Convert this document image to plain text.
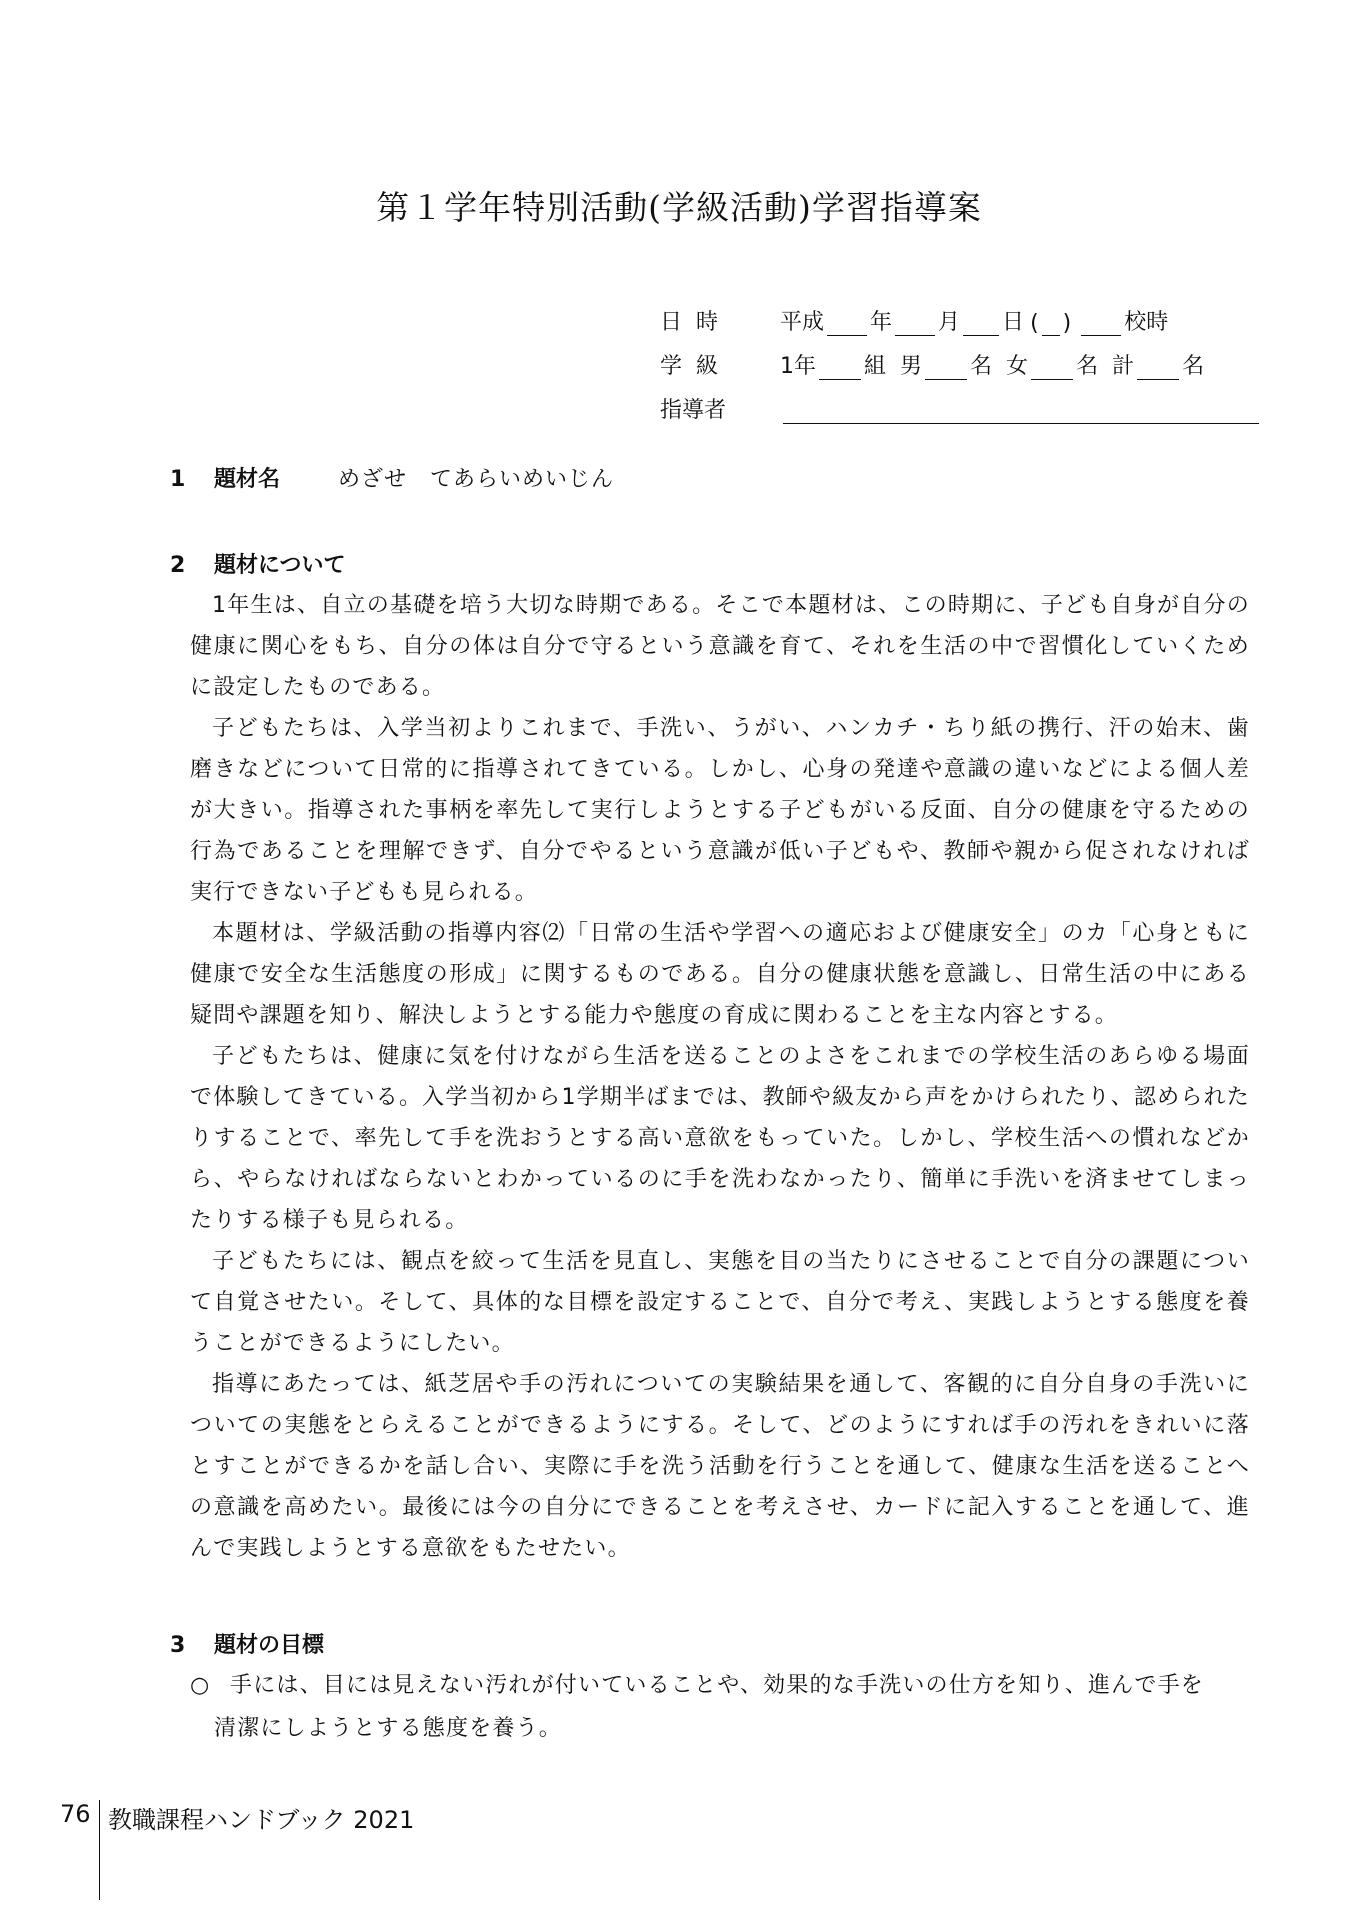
第１学年特別活動(学級活動)学習指導案
日時	平成 年 月 日 ( ) 校時
学級	1年 組 男 名 女 名 計 名
指導者
1 題材名	めざせ　てあらいめいじん
2 題材について

1年生は、自立の基礎を培う大切な時期である。そこで本題材は、この時期に、子ども自身が自分の健康に関心をもち、自分の体は自分で守るという意識を育て、それを生活の中で習慣化していくために設定したものである。

子どもたちは、入学当初よりこれまで、手洗い、うがい、ハンカチ・ちり紙の携行、汗の始末、歯磨きなどについて日常的に指導されてきている。しかし、心身の発達や意識の違いなどによる個人差が大きい。指導された事柄を率先して実行しようとする子どもがいる反面、自分の健康を守るための行為であることを理解できず、自分でやるという意識が低い子どもや、教師や親から促されなければ実行できない子どもも見られる。

本題材は、学級活動の指導内容⑵「日常の生活や学習への適応および健康安全」のカ「心身ともに健康で安全な生活態度の形成」に関するものである。自分の健康状態を意識し、日常生活の中にある疑問や課題を知り、解決しようとする能力や態度の育成に関わることを主な内容とする。

子どもたちは、健康に気を付けながら生活を送ることのよさをこれまでの学校生活のあらゆる場面で体験してきている。入学当初から1学期半ばまでは、教師や級友から声をかけられたり、認められたりすることで、率先して手を洗おうとする高い意欲をもっていた。しかし、学校生活への慣れなどから、やらなければならないとわかっているのに手を洗わなかったり、簡単に手洗いを済ませてしまったりする様子も見られる。

子どもたちには、観点を絞って生活を見直し、実態を目の当たりにさせることで自分の課題について自覚させたい。そして、具体的な目標を設定することで、自分で考え、実践しようとする態度を養うことができるようにしたい。

指導にあたっては、紙芝居や手の汚れについての実験結果を通して、客観的に自分自身の手洗いについての実態をとらえることができるようにする。そして、どのようにすれば手の汚れをきれいに落とすことができるかを話し合い、実際に手を洗う活動を行うことを通して、健康な生活を送ることへの意識を高めたい。最後には今の自分にできることを考えさせ、カードに記入することを通して、進んで実践しようとする意欲をもたせたい。

3 題材の目標
○ 手には、目には見えない汚れが付いていることや、効果的な手洗いの仕方を知り、進んで手を
清潔にしようとする態度を養う。
76 教職課程ハンドブック 2021
